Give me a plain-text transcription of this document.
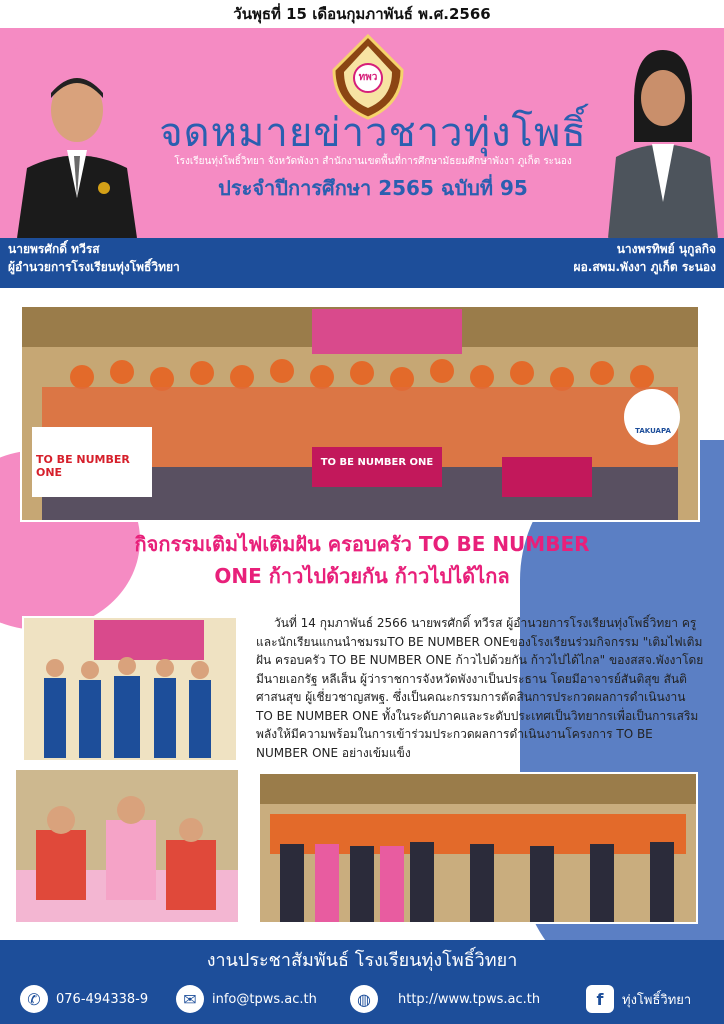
วันพุธที่ 15 เดือนกุมภาพันธ์ พ.ศ.2566
ทพว
จดหมายข่าวชาวทุ่งโพธิ์
โรงเรียนทุ่งโพธิ์วิทยา จังหวัดพังงา สำนักงานเขตพื้นที่การศึกษามัธยมศึกษาพังงา ภูเก็ต ระนอง
ประจำปีการศึกษา 2565 ฉบับที่ 95
นายพรศักดิ์ ทวีรส
ผู้อำนวยการโรงเรียนทุ่งโพธิ์วิทยา
นางพรทิพย์ นุกูลกิจ
ผอ.สพม.พังงา ภูเก็ต ระนอง
TO BE NUMBER ONE
TO BE NUMBER ONE
TAKUAPA
กิจกรรมเติมไฟเติมฝัน ครอบครัว TO BE NUMBER
ONE ก้าวไปด้วยกัน ก้าวไปได้ไกล
วันที่ 14 กุมภาพันธ์ 2566 นายพรศักดิ์ ทวีรส ผู้อำนวยการโรงเรียนทุ่งโพธิ์วิทยา ครูและนักเรียนแกนนำชมรมTO BE NUMBER ONEของโรงเรียนร่วมกิจกรรม "เติมไฟเติมฝัน ครอบครัว TO BE NUMBER ONE ก้าวไปด้วยกัน ก้าวไปได้ไกล" ของสสจ.พังงาโดยมีนายเอกรัฐ หลีเส็น ผู้ว่าราชการจังหวัดพังงาเป็นประธาน โดยมีอาจารย์สันติสุข สันติศาสนสุข ผู้เชี่ยวชาญสพฐ. ซึ่งเป็นคณะกรรมการตัดสินการประกวดผลการดำเนินงาน TO BE NUMBER ONE ทั้งในระดับภาคและระดับประเทศเป็นวิทยากรเพื่อเป็นการเสริมพลังให้มีความพร้อมในการเข้าร่วมประกวดผลการดำเนินงานโครงการ TO BE NUMBER ONE อย่างเข้มแข็ง
งานประชาสัมพันธ์ โรงเรียนทุ่งโพธิ์วิทยา
✆	076-494338-9	✉	info@tpws.ac.th	◍	http://www.tpws.ac.th	f	ทุ่งโพธิ์วิทยา
